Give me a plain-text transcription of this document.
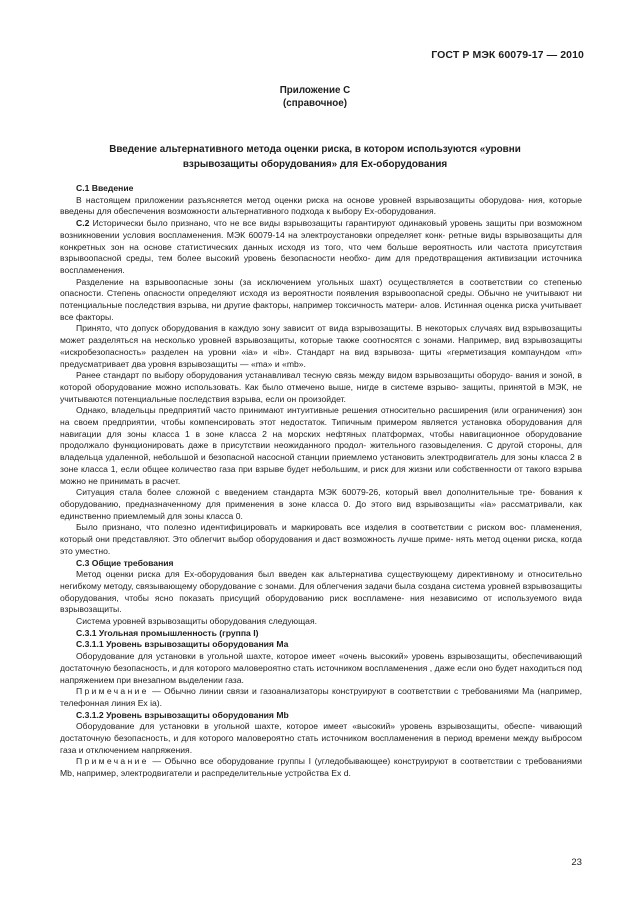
ГОСТ Р МЭК 60079-17 — 2010
Приложение С
(справочное)
Введение альтернативного метода оценки риска, в котором используются «уровни
взрывозащиты оборудования» для Ex-оборудования

С.1 Введение

В настоящем приложении разъясняется метод оценки риска на основе уровней взрывозащиты оборудова- ния, которые введены для обеспечения возможности альтернативного подхода к выбору Ex-оборудования.

С.2 Исторически было признано, что не все виды взрывозащиты гарантируют одинаковый уровень защиты при возможном возникновении условия воспламенения. МЭК 60079-14 на электроустановки определяет конк- ретные виды взрывозащиты для конкретных зон на основе статистических данных исходя из того, что чем больше вероятность или частота присутствия взрывоопасной среды, тем более высокий уровень безопасности необхо- дим для предотвращения активизации источника воспламенения.

Разделение на взрывоопасные зоны (за исключением угольных шахт) осуществляется в соответствии со степенью опасности. Степень опасности определяют исходя из вероятности появления взрывоопасной среды. Обычно не учитывают ни потенциальные последствия взрыва, ни другие факторы, например токсичность матери- алов. Истинная оценка риска учитывает все факторы.

Принято, что допуск оборудования в каждую зону зависит от вида взрывозащиты. В некоторых случаях вид взрывозащиты может разделяться на несколько уровней взрывозащиты, которые также соотносятся с зонами. Например, вид взрывозащиты «искробезопасность» разделен на уровни «ia» и «ib». Стандарт на вид взрывоза- щиты «герметизация компаундом «m» предусматривает два уровня взрывозащиты — «ma» и «mb».

Ранее стандарт по выбору оборудования устанавливал тесную связь между видом взрывозащиты оборудо- вания и зоной, в которой оборудование можно использовать. Как было отмечено выше, нигде в системе взрыво- защиты, принятой в МЭК, не учитываются потенциальные последствия взрыва, если он произойдет.

Однако, владельцы предприятий часто принимают интуитивные решения относительно расширения (или ограничения) зон на своем предприятии, чтобы компенсировать этот недостаток. Типичным примером является установка оборудования для навигации для зоны класса 1 в зоне класса 2 на морских нефтяных платформах, чтобы навигационное оборудование продолжало функционировать даже в присутствии неожиданного продол- жительного газовыделения. С другой стороны, для владельца удаленной, небольшой и безопасной насосной станции приемлемо установить электродвигатель для зоны класса 2 в зоне класса 1, если общее количество газа при взрыве будет небольшим, и риск для жизни или собственности от такого взрыва можно не принимать в расчет.

Ситуация стала более сложной с введением стандарта МЭК 60079-26, который ввел дополнительные тре- бования к оборудованию, предназначенному для применения в зоне класса 0. До этого вид взрывозащиты «ia» рассматривали, как единственно приемлемый для зоны класса 0.

Было признано, что полезно идентифицировать и маркировать все изделия в соответствии с риском вос- пламенения, который они представляют. Это облегчит выбор оборудования и даст возможность лучше приме- нять метод оценки риска, когда это уместно.

С.3 Общие требования

Метод оценки риска для Ex-оборудования был введен как альтернатива существующему директивному и относительно негибкому методу, связывающему оборудование с зонами. Для облегчения задачи была создана система уровней взрывозащиты оборудования, чтобы ясно показать присущий оборудованию риск воспламене- ния независимо от используемого вида взрывозащиты.

Система уровней взрывозащиты оборудования следующая.

С.3.1 Угольная промышленность (группа I)

С.3.1.1 Уровень взрывозащиты оборудования Ма

Оборудование для установки в угольной шахте, которое имеет «очень высокий» уровень взрывозащиты, обеспечивающий достаточную безопасность, и для которого маловероятно стать источником воспламенения , даже если оно будет находиться под напряжением при внезапном выделении газа.

Примечание — Обычно линии связи и газоанализаторы конструируют в соответствии с требованиями Ма (например, телефонная линия Ex ia).

С.3.1.2 Уровень взрывозащиты оборудования Mb

Оборудование для установки в угольной шахте, которое имеет «высокий» уровень взрывозащиты, обеспе- чивающий достаточную безопасность, и для которого маловероятно стать источником воспламенения в период времени между выбросом газа и отключением напряжения.

Примечание — Обычно все оборудование группы I (угледобывающее) конструируют в соответствии с требованиями Mb, например, электродвигатели и распределительные устройства Ex d.

23
